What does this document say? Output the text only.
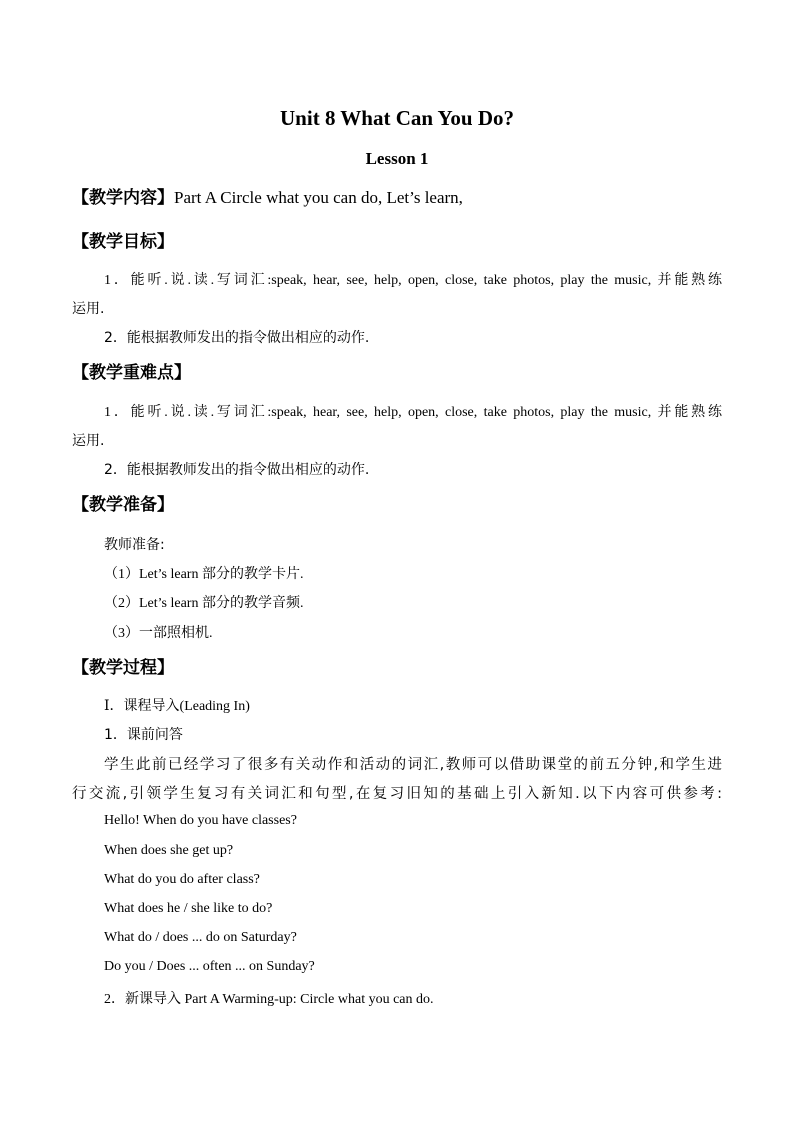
Unit 8 What Can You Do?
Lesson 1
【教学内容】Part A Circle what you can do, Let’s learn,
【教学目标】
1．能听.说.读.写词汇:speak, hear, see, help, open, close, take photos, play the music, 并能熟练
运用.
2．能根据教师发出的指令做出相应的动作.
【教学重难点】
1．能听.说.读.写词汇:speak, hear, see, help, open, close, take photos, play the music, 并能熟练
运用.
2．能根据教师发出的指令做出相应的动作.
【教学准备】
教师准备:
（1）Let’s learn 部分的教学卡片.
（2）Let’s learn 部分的教学音频.
（3）一部照相机.
【教学过程】
Ⅰ．课程导入(Leading In)
1．课前问答
学生此前已经学习了很多有关动作和活动的词汇,教师可以借助课堂的前五分钟,和学生进
行交流,引领学生复习有关词汇和句型,在复习旧知的基础上引入新知.以下内容可供参考:
Hello! When do you have classes?
When does she get up?
What do you do after class?
What does he / she like to do?
What do / does ... do on Saturday?
Do you / Does ... often ... on Sunday?
2．新课导入 Part A Warming-up: Circle what you can do.
